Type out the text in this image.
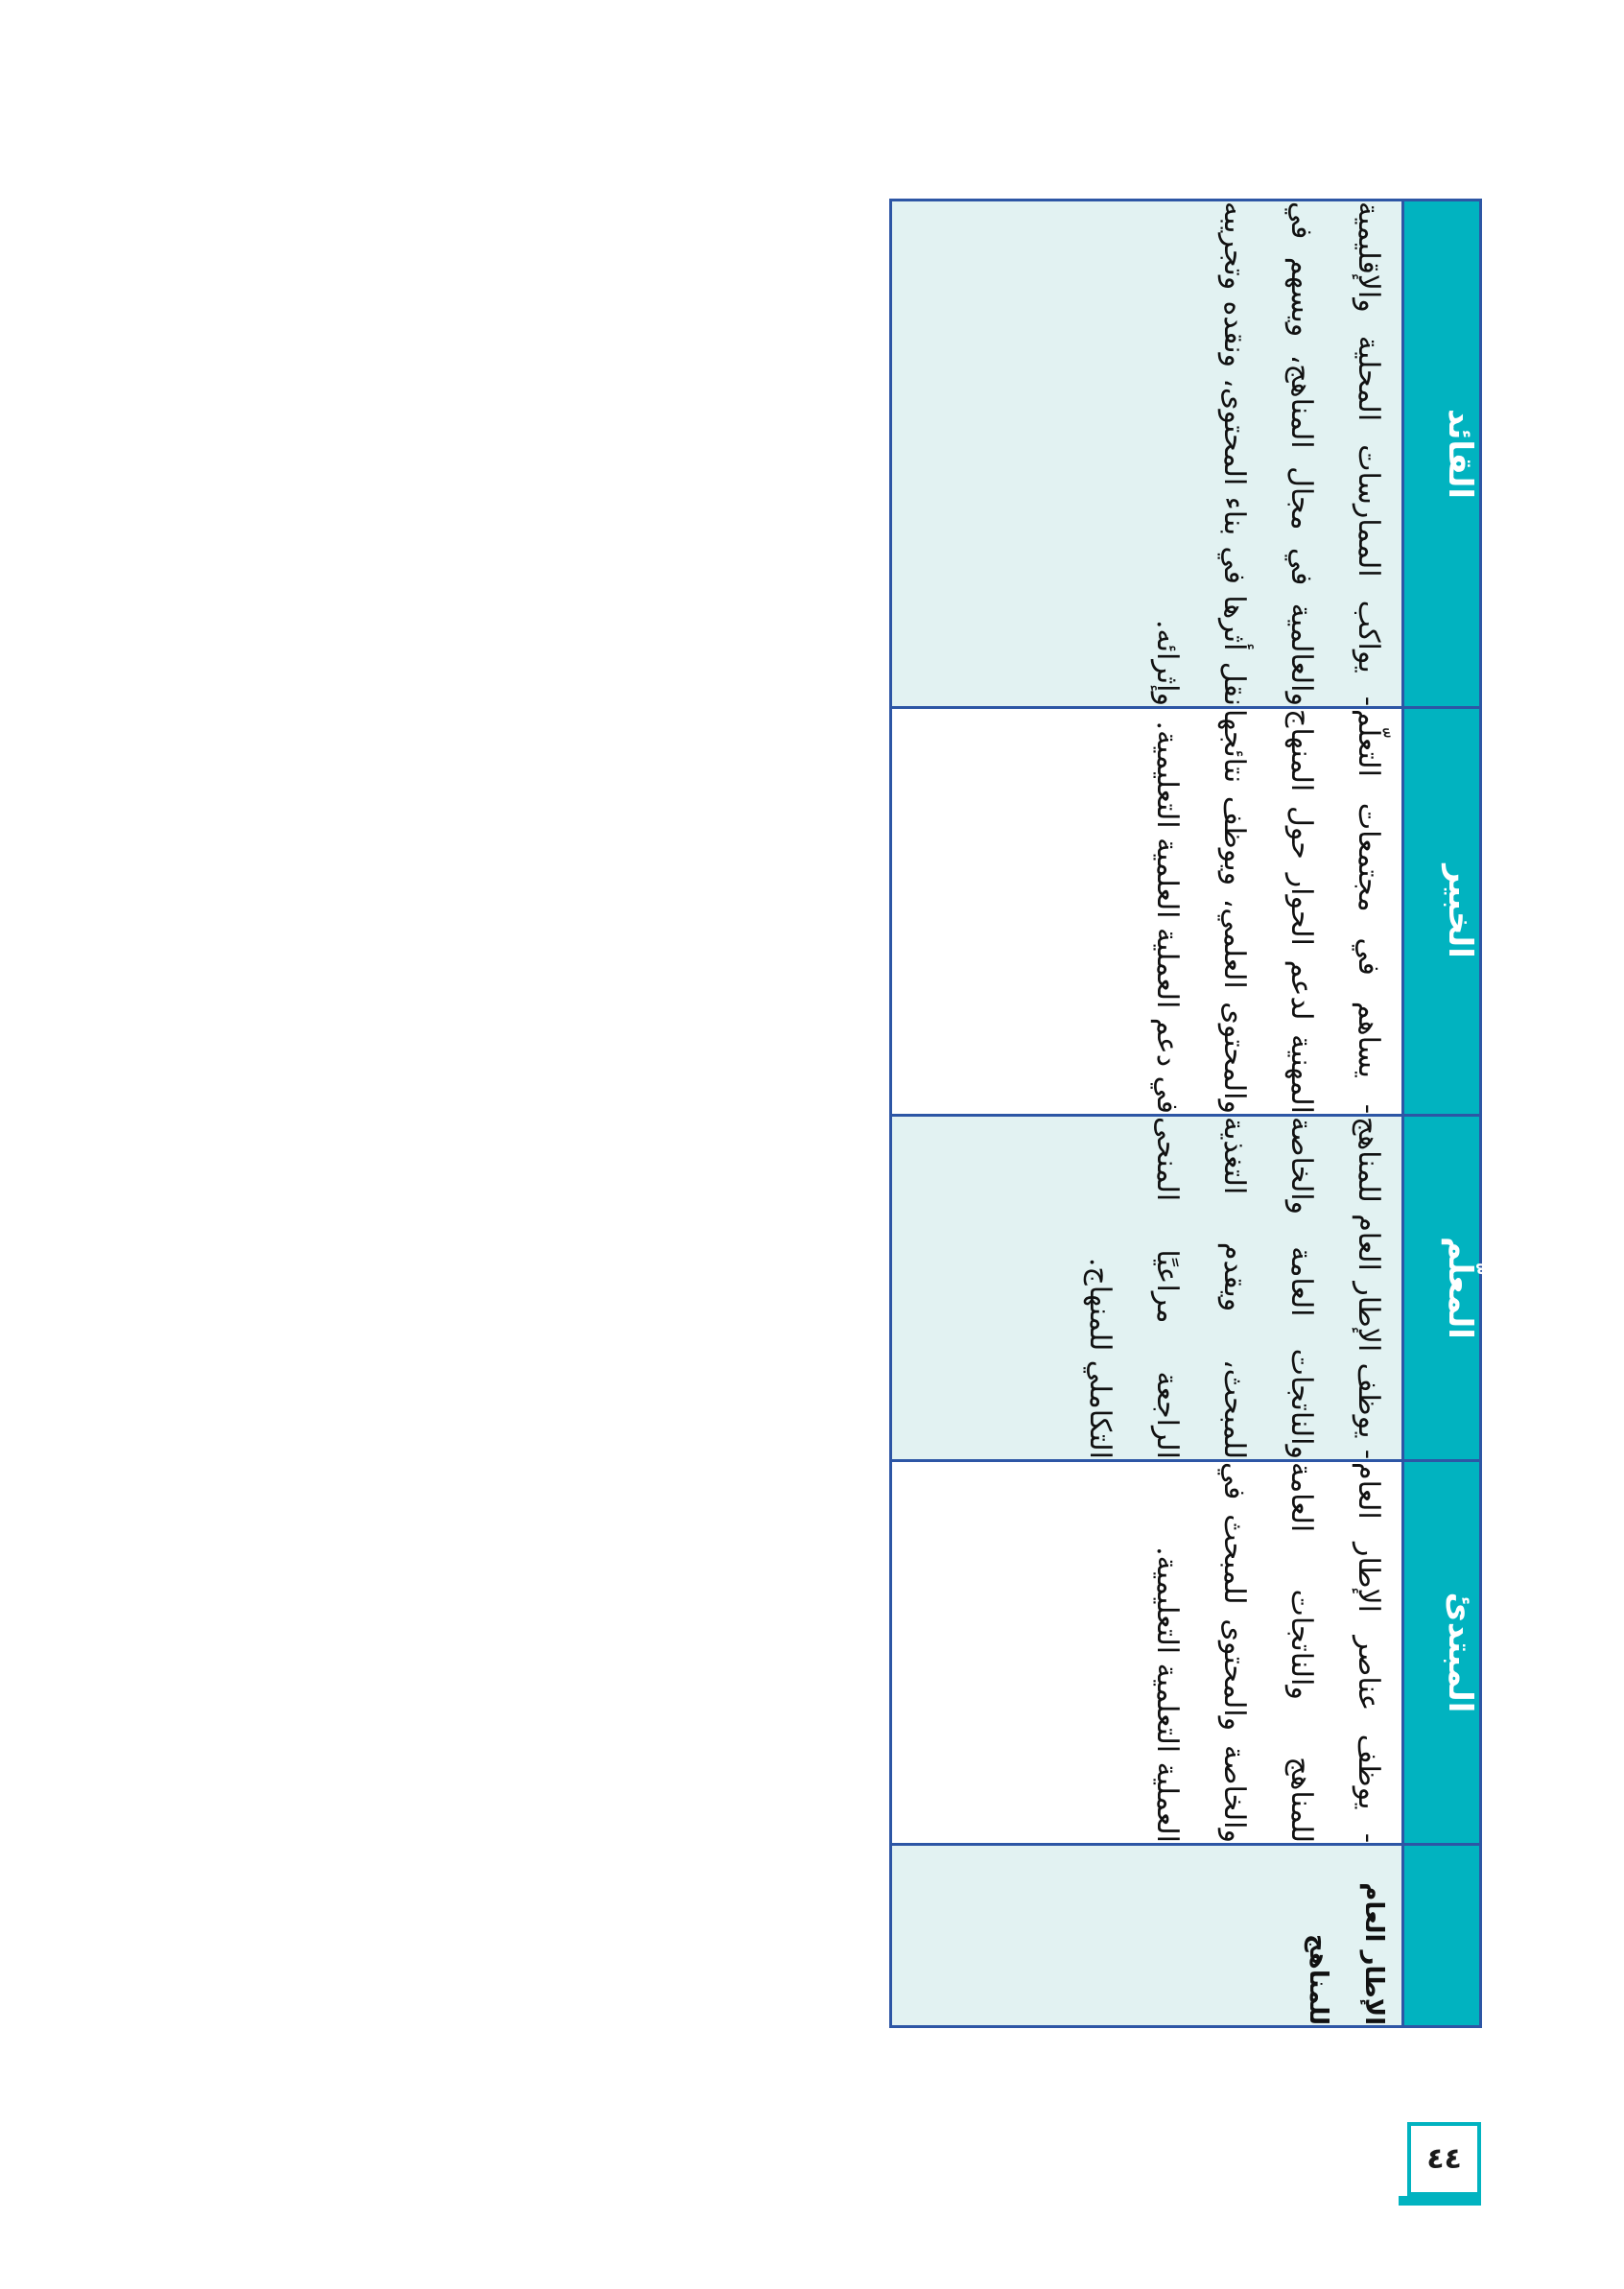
	المبتدئ	المعلّم	الخبير	القائد
الإطار العام للمناهج	- يوظف عناصر الإطار العام للمناهج والناتجات العامة والخاصة والمحتوى للمبحث في العملية التعلمية التعليمية.	- يوظف الإطار العام للمناهج والناتجات العامة والخاصة للمبحث، ويقدم التغذية الراجعة مراعيًا المنحى التكاملي للمنهاج.	- يساهم في مجتمعات التعلّم المهنية لدعم الحوار حول المنهاج والمحتوى العلمي، ويوظف نتائجها في دعم العملية العلمية التعليمية.	- يواكب الممارسات المحلية والإقليمية والعالمية في مجال المناهج، ويسهم في نقل أثرها في بناء المحتوى، ونقده وتجريبه وإثرائه.
٤٤
